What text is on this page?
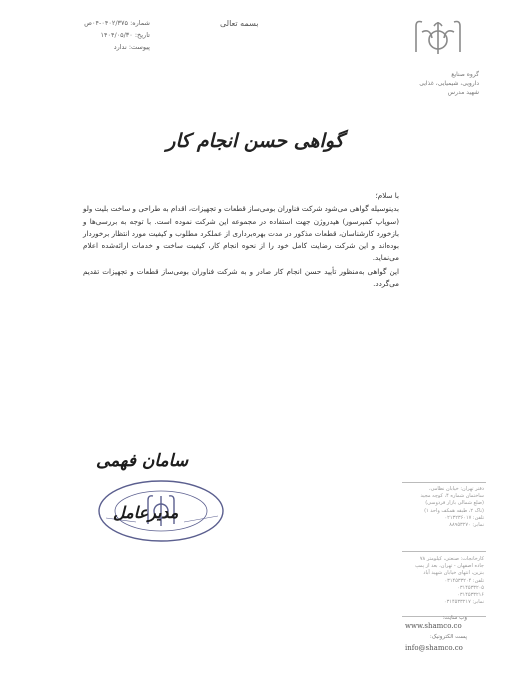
بسمه تعالی
شماره: ۰۴۰۲/۳۷۵-۰۴ص
تاریخ: ۱۴۰۴/۰۵/۳۰
پیوست: ندارد
گروه صنایع
دارویی، شیمیایی، غذایی
شهید مدرس
گواهی حسن انجام کار

با سلام؛

بدینوسیله گواهی می‌شود شرکت فناوران بومی‌ساز قطعات و تجهیزات، اقدام به طراحی و ساخت بلیت ولو (سوپاپ کمپرسور) هیدروژن جهت استفاده در مجموعه این شرکت نموده است. با توجه به بررسی‌ها و بازخورد کارشناسان، قطعات مذکور در مدت بهره‌برداری از عملکرد مطلوب و کیفیت مورد انتظار برخوردار بوده‌اند و این شرکت رضایت کامل خود را از نحوه انجام کار، کیفیت ساخت و خدمات ارائه‌شده اعلام می‌نماید.

این گواهی به‌منظور تأیید حسن انجام کار صادر و به شرکت فناوران بومی‌ساز قطعات و تجهیزات تقدیم می‌گردد.

سامان فهمی
مدیرعامل
دفتر تهران: خیابان نظامی،
ساختمان شماره ۴، کوچه مجید
(ضلع شمالی بازار فردوسی)
(ناک ۲، طبقه همکف واحد ۱)
تلفن: ۰۲۱۳۲۳۶۰۱۷
نمابر: ۸۸۹۵۳۲۷۰
کارخانجات: صنعتی، کیلومتر ۷۸
جاده اصفهان - تهران، بعد از پمپ
بنزین، انتهای خیابان شهید آباد
تلفن: ۰۳۱۴۵۳۳۲۰۴
۰۳۱۴۵۳۳۲۰۵
۰۳۱۴۵۳۳۲۱۶
نمابر: ۰۳۱۴۵۳۳۲۱۷
وب سایت:
www.shamco.co
پست الکترونیک:
info@shamco.co
